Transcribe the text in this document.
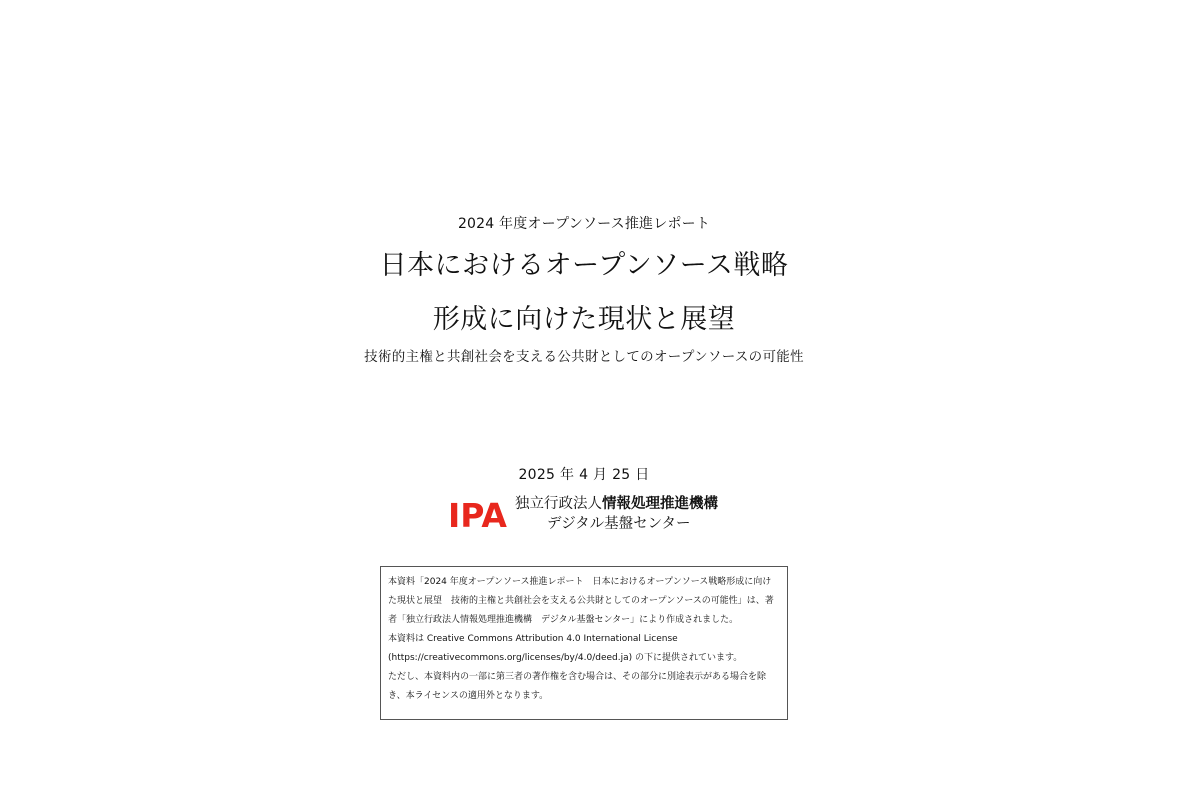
2024 年度オープンソース推進レポート
日本におけるオープンソース戦略
形成に向けた現状と展望
技術的主権と共創社会を支える公共財としてのオープンソースの可能性
2025 年 4 月 25 日
IPA 独立行政法人情報処理推進機構
デジタル基盤センター

本資料「2024 年度オープンソース推進レポート　日本におけるオープンソース戦略形成に向けた現状と展望　技術的主権と共創社会を支える公共財としてのオープンソースの可能性」は、著者「独立行政法人情報処理推進機構　デジタル基盤センター」により作成されました。

本資料は Creative Commons Attribution 4.0 International License (https://creativecommons.org/licenses/by/4.0/deed.ja) の下に提供されています。

ただし、本資料内の一部に第三者の著作権を含む場合は、その部分に別途表示がある場合を除き、本ライセンスの適用外となります。
